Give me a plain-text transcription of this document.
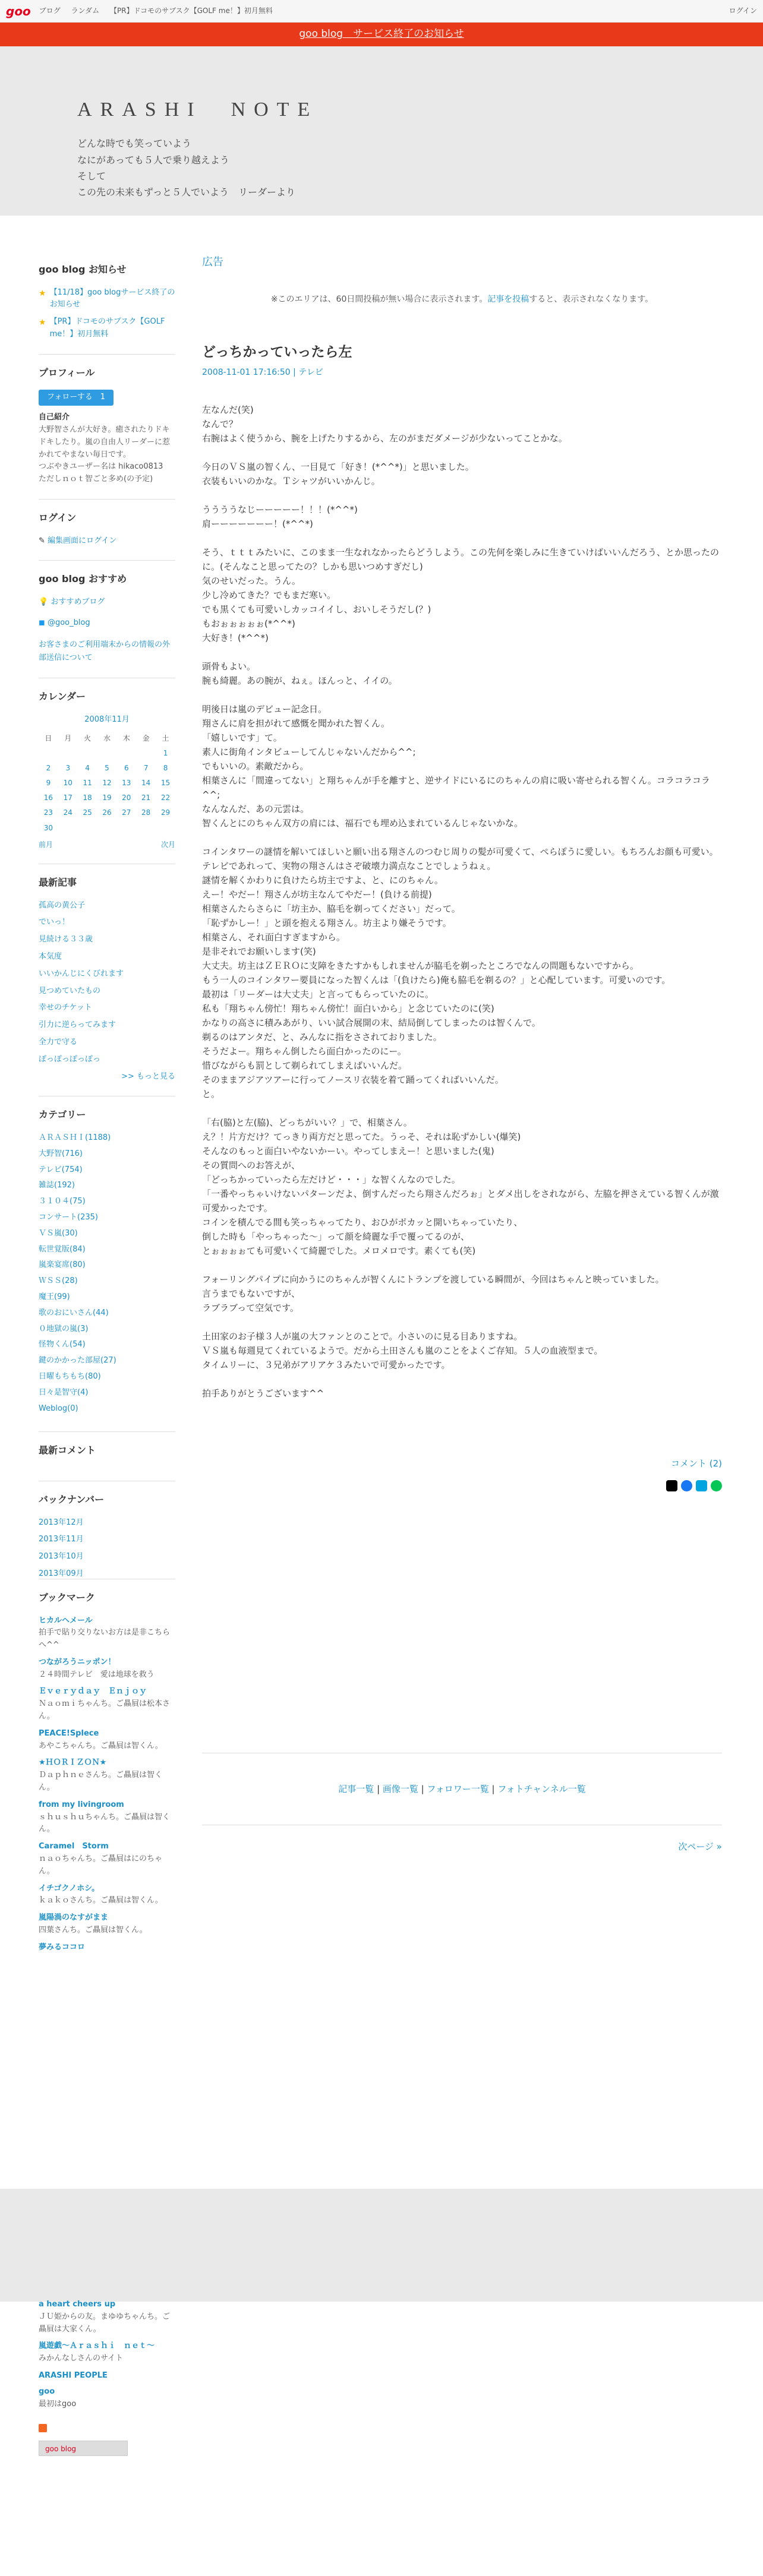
goo ブログ ランダム 【PR】ドコモのサブスク【GOLF me！】初月無料	ログイン
goo blog　サービス終了のお知らせ
ARASHI　NOTE
どんな時でも笑っていよう
なにがあっても５人で乗り越えよう
そして
この先の未来もずっと５人でいよう　リーダーより
goo blog お知らせ
★ 【11/18】goo blogサービス終了のお知らせ
★ 【PR】ドコモのサブスク【GOLF me！】初月無料
プロフィール
フォローする　 1
自己紹介
大野智さんが大好き。癒されたりドキドキしたり。嵐の自由人リーダーに惹かれてやまない毎日です。
つぶやきユーザー名は hikaco0813　ただしｎｏｔ智ごと多め(の予定)
ログイン
✎ 編集画面にログイン
goo blog おすすめ
💡 おすすめブログ
◼ @goo_blog
お客さまのご利用端末からの情報の外部送信について
カレンダー
2008年11月
日	月	火	水	木	金	土
						1
2	3	4	5	6	7	8
9	10	11	12	13	14	15
16	17	18	19	20	21	22
23	24	25	26	27	28	29
30						
前月	次月
最新記事
孤高の黄公子
でいっ！
見続ける３３歳
本気度
いいかんじにくびれます
見つめていたもの
幸せのチケット
引力に逆らってみます
全力で守る
ぽっぽっぽっぽっ
>> もっと見る
カテゴリー
ＡＲＡＳＨＩ(1188)
大野智(716)
テレビ(754)
雑誌(192)
３１０４(75)
コンサート(235)
ＶＳ嵐(30)
転世覚版(84)
嵐楽宴席(80)
ＷＳＳ(28)
魔王(99)
歌のおにいさん(44)
０地獄の嵐(3)
怪物くん(54)
鍵のかかった部屋(27)
日曜もちもち(80)
日々是智守(4)
Weblog(0)
最新コメント
バックナンバー
2013年12月
2013年11月
2013年10月
2013年09月
ブックマーク
ヒカルヘメール
拍手で貼り交りないお方は是非こちらへ^^
つながろうニッポン！
２４時間テレビ　愛は地球を救う
Ｅｖｅｒｙｄａｙ　Ｅｎｊｏｙ
Ｎａｏｍｉちゃんち。ご贔屓は松本さん。
PEACE!Splece
あやこちゃんち。ご贔屓は智くん。
★ＨＯＲＩＺＯＮ★
Ｄａｐｈｎｅさんち。ご贔屓は智くん。
from my livingroom
ｓｈｕｓｈｕちゃんち。ご贔屓は智くん。
Caramel　Storm
ｎａｏちゃんち。ご贔屓はにのちゃん。
イチゴクノホシ。
ｋａｋｏさんち。ご贔屓は智くん。
嵐陽渦のなすがまま
四葉さんち。ご贔屓は智くん。
夢みるココロ
広告
※このエリアは、60日間投稿が無い場合に表示されます。記事を投稿すると、表示されなくなります。
どっちかっていったら左
2008-11-01 17:16:50 | テレビ

左なんだ(笑)
なんで？
右腕はよく使うから、腕を上げたりするから、左のがまだダメージが少ないってことかな。

今日のＶＳ嵐の智くん、一目見て「好き！(*^^*)」と思いました。
衣装もいいのかな。Ｔシャツがいいかんじ。

ううううなじーーーーー！！！(*^^*)
肩ーーーーーーー！(*^^*)

そう、ｔｔｔみたいに、このまま一生なれなかったらどうしよう。この先何を楽しみに生きていけばいいんだろう、とか思ったのに。(そんなこと思ってたの？しかも思いつめすぎだし)
気のせいだった。うん。
少し冷めてきた？でもまだ寒い。
でも黒くても可愛いしカッコイイし、おいしそうだし(？)
もおぉぉぉぉぉ(*^^*)
大好き！(*^^*)

頭骨もよい。
腕も綺麗。あの腕が、ねぇ。ほんっと、イイの。

明後日は嵐のデビュー記念日。
翔さんに肩を担がれて感慨を聞かれた智くん。
「嬉しいです」て。
素人に街角インタビューしてんじゃないんだから^^;
でもいいの。素敵だから。
相葉さんに「間違ってない」と翔ちゃんが手を離すと、逆サイドにいるにのちゃんの肩に吸い寄せられる智くん。コラコラコラ^^;
なんなんだ、あの元雲は。
智くんとにのちゃん双方の肩には、福石でも埋め込まれているんじゃないかな。

コインタワーの謎情を解いてほしいと願い出る翔さんのつむじ周りの髪が可愛くて、ぺらぽうに愛しい。もちろんお顔も可愛い。
テレビであれって、実物の翔さんはさぞ破壊力満点なことでしょうねぇ。
謎情を解くかわりに負けたら坊主ですよ、と、にのちゃん。
えー！やだー！翔さんが坊主なんてやだー！(負ける前提)
相葉さんたらさらに「坊主か、脇毛を剃ってください」だって。
「恥ずかしー！」と頭を抱える翔さん。坊主より嫌そうです。
相葉さん、それ面白すぎますから。
是非それでお願いします(笑)
大丈夫。坊主はＺＥＲＯに支障をきたすかもしれませんが脇毛を剃ったところでなんの問題もないですから。
もう一人のコインタワー要員になった智くんは「(負けたら)俺も脇毛を剃るの？」と心配しています。可愛いのです。
最初は「リーダーは大丈夫」と言ってもらっていたのに。
私も「翔ちゃん傍忙！翔ちゃん傍忙！面白いから」と念じていたのに(笑)
かなりの高さに積みあがり、いい試合展開の末、結局倒してしまったのは智くんで。
剃るのはアンタだ、と、みんなに指をさされておりました。
そうだよー。翔ちゃん倒したら面白かったのにー。
惜びながらも罰として剃られてしまえばいいんだ。
そのままアジアツアーに行ってノースリ衣装を着て踊ってくればいいんだ。
と。

「右(脇)と左(脇)、どっちがいい？」で、相葉さん。
え？！片方だけ？てっきり両方だと思ってた。うっそ、それは恥ずかしい(爆笑)
そんなのもっと面白いやないかーい。やってしまえー！と思いました(鬼)
その質問へのお答えが、
「どっちかっていったら左だけど・・・」な智くんなのでした。
「一番やっちゃいけないパターンだよ、倒すんだったら翔さんだろぉ」とダメ出しをされながら、左脇を押さえている智くんが激可愛かったです。
コインを積んでる間も笑っちゃってたり、おひがポカッと開いちゃっていたり、
倒した時も「やっちゃった～」って顔を綺麗な手で覆ってるのが、
とぉぉぉぉても可愛いくて綺麗でした。メロメロです。素くても(笑)

フォーリングパイプに向かうにのちゃんが智くんにトランプを渡している瞬間が、今回はちゃんと映っていました。
言うまでもないですが、
ラブラブって空気です。

土田家のお子様３人が嵐の大ファンとのことで。小さいのに見る目ありますね。
ＶＳ嵐も毎週見てくれているようで。だから土田さんも嵐のことをよくご存知。５人の血液型まで。
タイムリーに、３兄弟がアリアケ３みたいで可愛かったです。

拍手ありがとうございます^^

コメント (2)
記事一覧 | 画像一覧 | フォロワー一覧 | フォトチャンネル一覧
次ページ »
a heart cheers up
ＪＵ姫からの友。まゆゆちゃんち。ご贔屓は大家くん。
嵐遊戯～Ａｒａｓｈｉ　ｎｅｔ～
みかんなしさんのサイト
ARASHI PEOPLE
goo
最初はgoo
goo blog
